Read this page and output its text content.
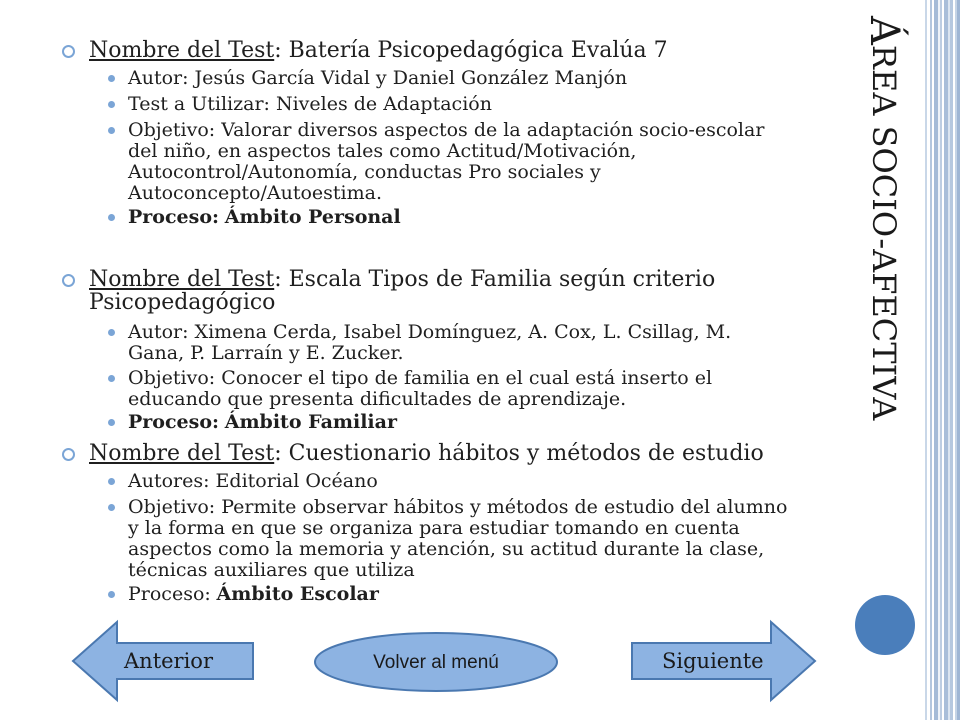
ÁREA SOCIO-AFECTIVA
Nombre del Test: Batería Psicopedagógica Evalúa 7
Autor: Jesús García Vidal y Daniel González Manjón
Test a Utilizar: Niveles de Adaptación
Objetivo: Valorar diversos aspectos de la adaptación socio-escolar
del niño, en aspectos tales como Actitud/Motivación,
Autocontrol/Autonomía, conductas Pro sociales y
Autoconcepto/Autoestima.
Proceso: Ámbito Personal
Nombre del Test: Escala Tipos de Familia según criterio
Psicopedagógico
Autor: Ximena Cerda, Isabel Domínguez, A. Cox, L. Csillag, M.
Gana, P. Larraín y E. Zucker.
Objetivo: Conocer el tipo de familia en el cual está inserto el
educando que presenta dificultades de aprendizaje.
Proceso: Ámbito Familiar
Nombre del Test: Cuestionario hábitos y métodos de estudio
Autores: Editorial Océano
Objetivo: Permite observar hábitos y métodos de estudio del alumno
y la forma en que se organiza para estudiar tomando en cuenta
aspectos como la memoria y atención, su actitud durante la clase,
técnicas auxiliares que utiliza
Proceso: Ámbito Escolar
Anterior	Volver al menú	Siguiente
